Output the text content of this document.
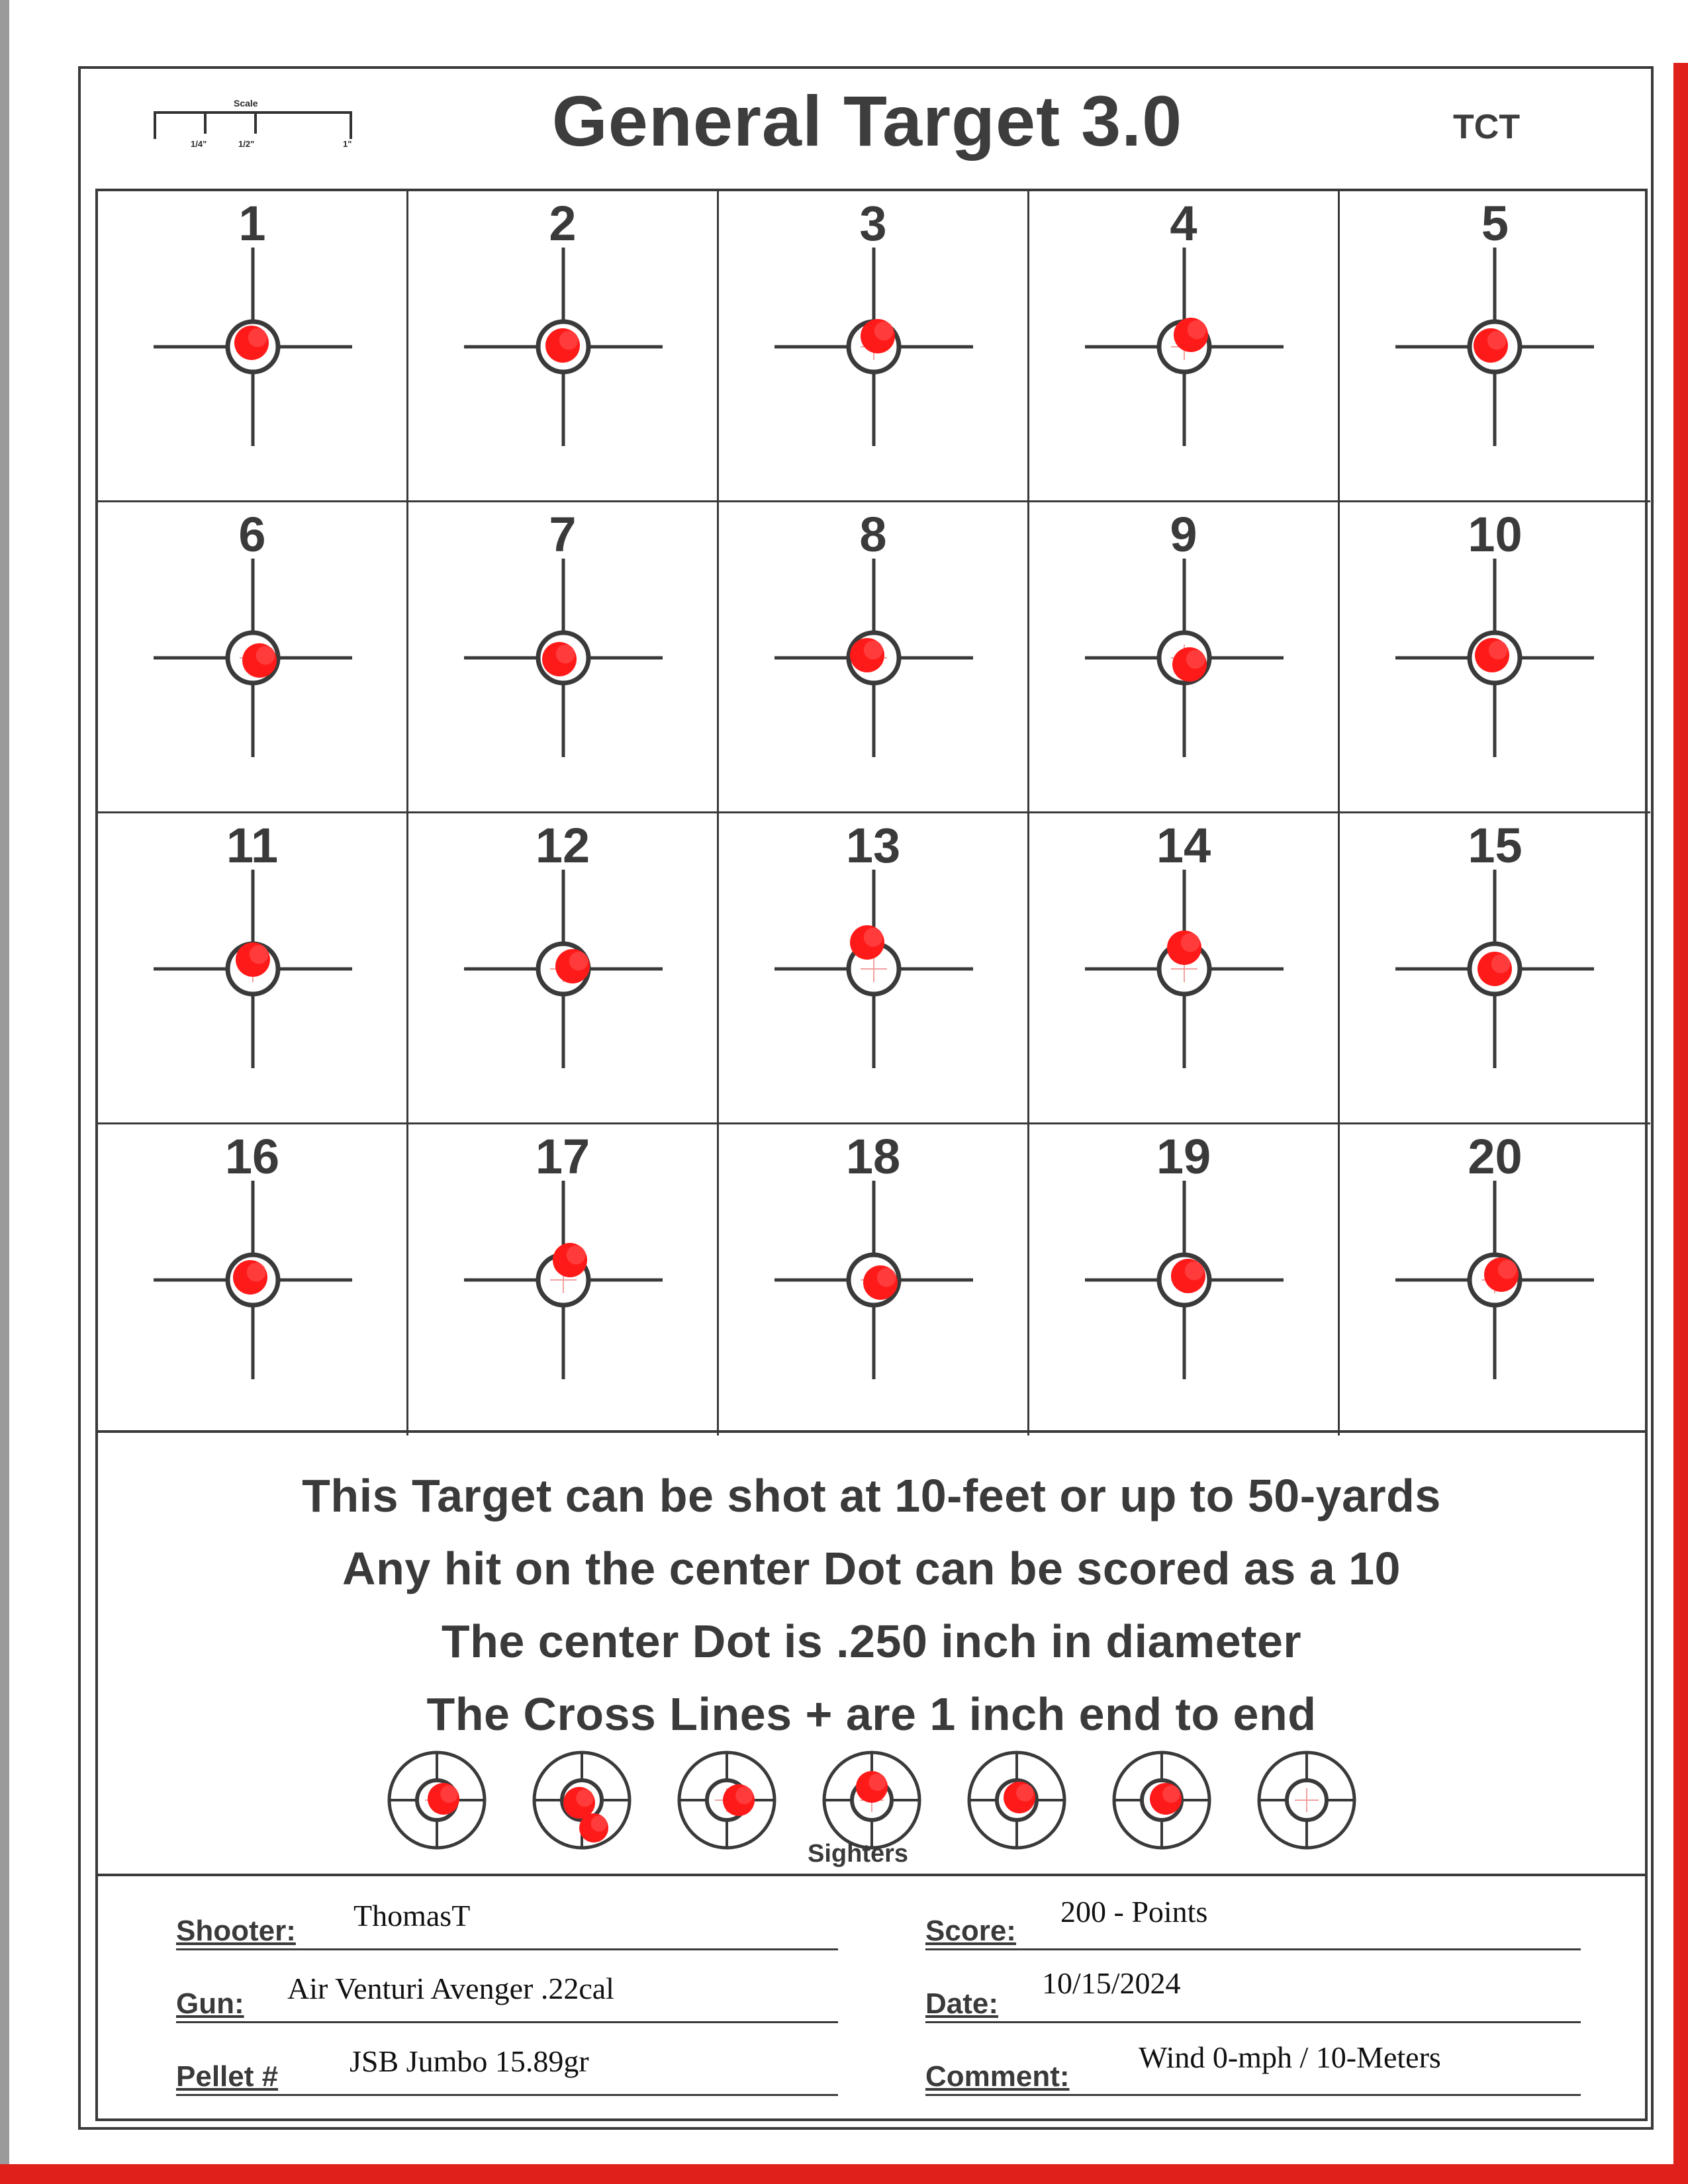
Scale
1/4"	1/2"	1"	General Target 3.0	TCT
1	2	3	4	5
6	7	8	9	10
11	12	13	14	15
16	17	18	19	20
This Target can be shot at 10-feet or up to 50-yards
Any hit on the center Dot can be scored as a 10
The center Dot is .250 inch in diameter
The Cross Lines + are 1 inch end to end
Sighters
Shooter: ThomasT
Gun: Air Venturi Avenger .22cal
Pellet # JSB Jumbo 15.89gr
Score:
200 - Points
Date:
10/15/2024
Comment:
Wind 0-mph / 10-Meters
